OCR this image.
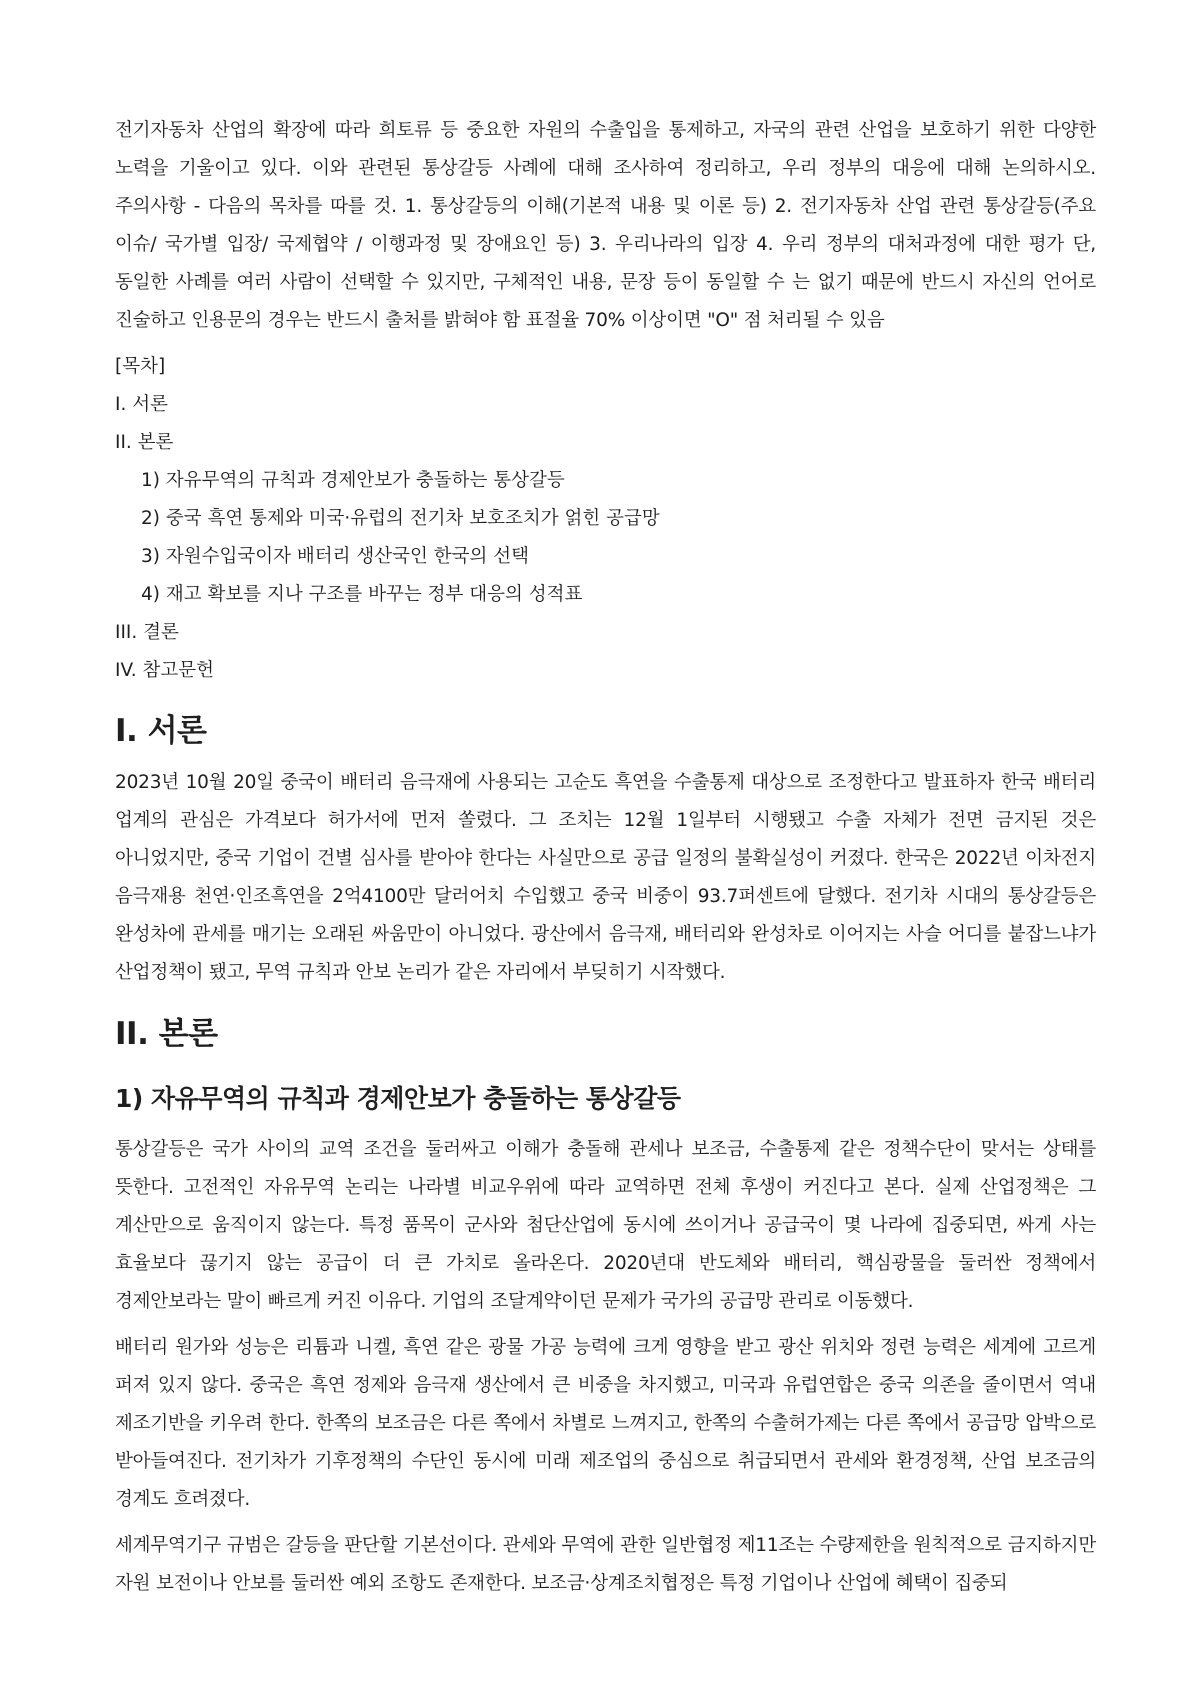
전기자동차 산업의 확장에 따라 희토류 등 중요한 자원의 수출입을 통제하고, 자국의 관련 산업을 보호하기 위한 다양한 노력을 기울이고 있다. 이와 관련된 통상갈등 사례에 대해 조사하여 정리하고, 우리 정부의 대응에 대해 논의하시오. 주의사항 - 다음의 목차를 따를 것. 1. 통상갈등의 이해(기본적 내용 및 이론 등) 2. 전기자동차 산업 관련 통상갈등(주요 이슈/ 국가별 입장/ 국제협약 / 이행과정 및 장애요인 등) 3. 우리나라의 입장 4. 우리 정부의 대처과정에 대한 평가 단, 동일한 사례를 여러 사람이 선택할 수 있지만, 구체적인 내용, 문장 등이 동일할 수 는 없기 때문에 반드시 자신의 언어로 진술하고 인용문의 경우는 반드시 출처를 밝혀야 함 표절율 70% 이상이면 "O" 점 처리될 수 있음

[목차]
I. 서론
II. 본론
1) 자유무역의 규칙과 경제안보가 충돌하는 통상갈등
2) 중국 흑연 통제와 미국·유럽의 전기차 보호조치가 얽힌 공급망
3) 자원수입국이자 배터리 생산국인 한국의 선택
4) 재고 확보를 지나 구조를 바꾸는 정부 대응의 성적표
III. 결론
IV. 참고문헌
I. 서론

2023년 10월 20일 중국이 배터리 음극재에 사용되는 고순도 흑연을 수출통제 대상으로 조정한다고 발표하자 한국 배터리 업계의 관심은 가격보다 허가서에 먼저 쏠렸다. 그 조치는 12월 1일부터 시행됐고 수출 자체가 전면 금지된 것은 아니었지만, 중국 기업이 건별 심사를 받아야 한다는 사실만으로 공급 일정의 불확실성이 커졌다. 한국은 2022년 이차전지 음극재용 천연·인조흑연을 2억4100만 달러어치 수입했고 중국 비중이 93.7퍼센트에 달했다. 전기차 시대의 통상갈등은 완성차에 관세를 매기는 오래된 싸움만이 아니었다. 광산에서 음극재, 배터리와 완성차로 이어지는 사슬 어디를 붙잡느냐가 산업정책이 됐고, 무역 규칙과 안보 논리가 같은 자리에서 부딪히기 시작했다.

II. 본론
1) 자유무역의 규칙과 경제안보가 충돌하는 통상갈등

통상갈등은 국가 사이의 교역 조건을 둘러싸고 이해가 충돌해 관세나 보조금, 수출통제 같은 정책수단이 맞서는 상태를 뜻한다. 고전적인 자유무역 논리는 나라별 비교우위에 따라 교역하면 전체 후생이 커진다고 본다. 실제 산업정책은 그 계산만으로 움직이지 않는다. 특정 품목이 군사와 첨단산업에 동시에 쓰이거나 공급국이 몇 나라에 집중되면, 싸게 사는 효율보다 끊기지 않는 공급이 더 큰 가치로 올라온다. 2020년대 반도체와 배터리, 핵심광물을 둘러싼 정책에서 경제안보라는 말이 빠르게 커진 이유다. 기업의 조달계약이던 문제가 국가의 공급망 관리로 이동했다.

배터리 원가와 성능은 리튬과 니켈, 흑연 같은 광물 가공 능력에 크게 영향을 받고 광산 위치와 정련 능력은 세계에 고르게 퍼져 있지 않다. 중국은 흑연 정제와 음극재 생산에서 큰 비중을 차지했고, 미국과 유럽연합은 중국 의존을 줄이면서 역내 제조기반을 키우려 한다. 한쪽의 보조금은 다른 쪽에서 차별로 느껴지고, 한쪽의 수출허가제는 다른 쪽에서 공급망 압박으로 받아들여진다. 전기차가 기후정책의 수단인 동시에 미래 제조업의 중심으로 취급되면서 관세와 환경정책, 산업 보조금의 경계도 흐려졌다.

세계무역기구 규범은 갈등을 판단할 기본선이다. 관세와 무역에 관한 일반협정 제11조는 수량제한을 원칙적으로 금지하지만 자원 보전이나 안보를 둘러싼 예외 조항도 존재한다. 보조금·상계조치협정은 특정 기업이나 산업에 혜택이 집중되
